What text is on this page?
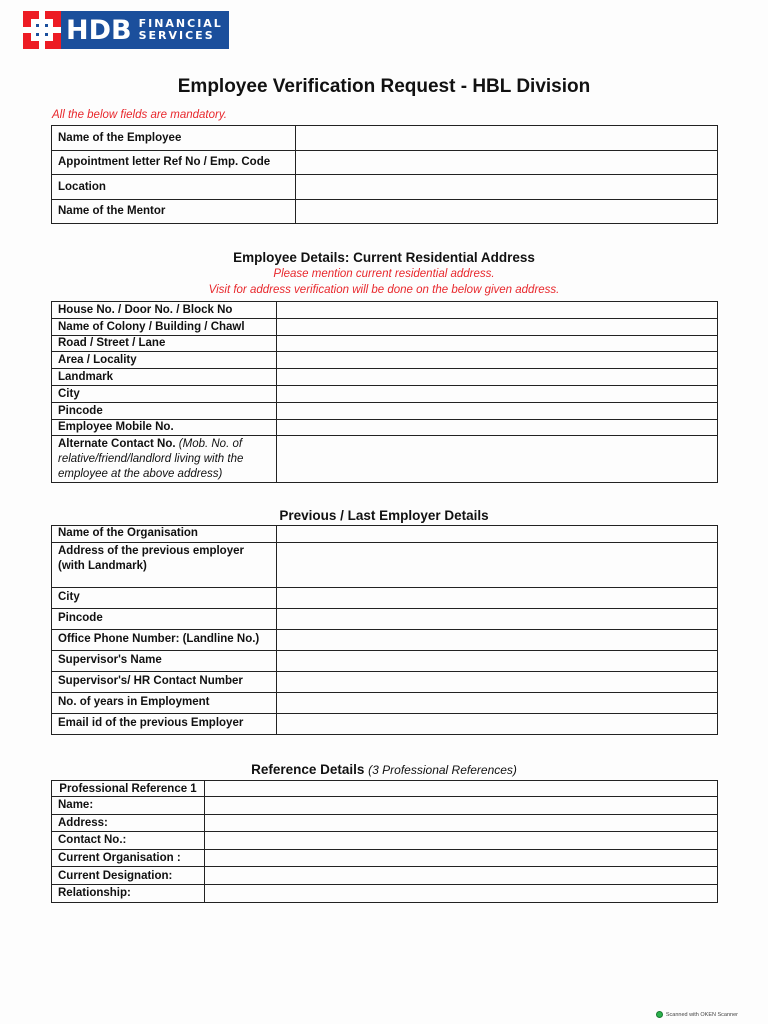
HDB FINANCIAL
SERVICES
Employee Verification Request - HBL Division
All the below fields are mandatory.
Name of the Employee	
Appointment letter Ref No / Emp. Code	
Location	
Name of the Mentor	
Employee Details: Current Residential Address
Please mention current residential address.
Visit for address verification will be done on the below given address.
House No. / Door No. / Block No	
Name of Colony / Building / Chawl	
Road / Street / Lane	
Area / Locality	
Landmark	
City	
Pincode	
Employee Mobile No.	
Alternate Contact No. (Mob. No. of relative/friend/landlord living with the employee at the above address)	
Previous / Last Employer Details
Name of the Organisation	
Address of the previous employer (with Landmark)	
City	
Pincode	
Office Phone Number: (Landline No.)	
Supervisor's Name	
Supervisor's/ HR Contact Number	
No. of years in Employment	
Email id of the previous Employer	
Reference Details (3 Professional References)
Professional Reference 1	
Name:	
Address:	
Contact No.:	
Current Organisation :	
Current Designation:	
Relationship:	
Scanned with OKEN Scanner
